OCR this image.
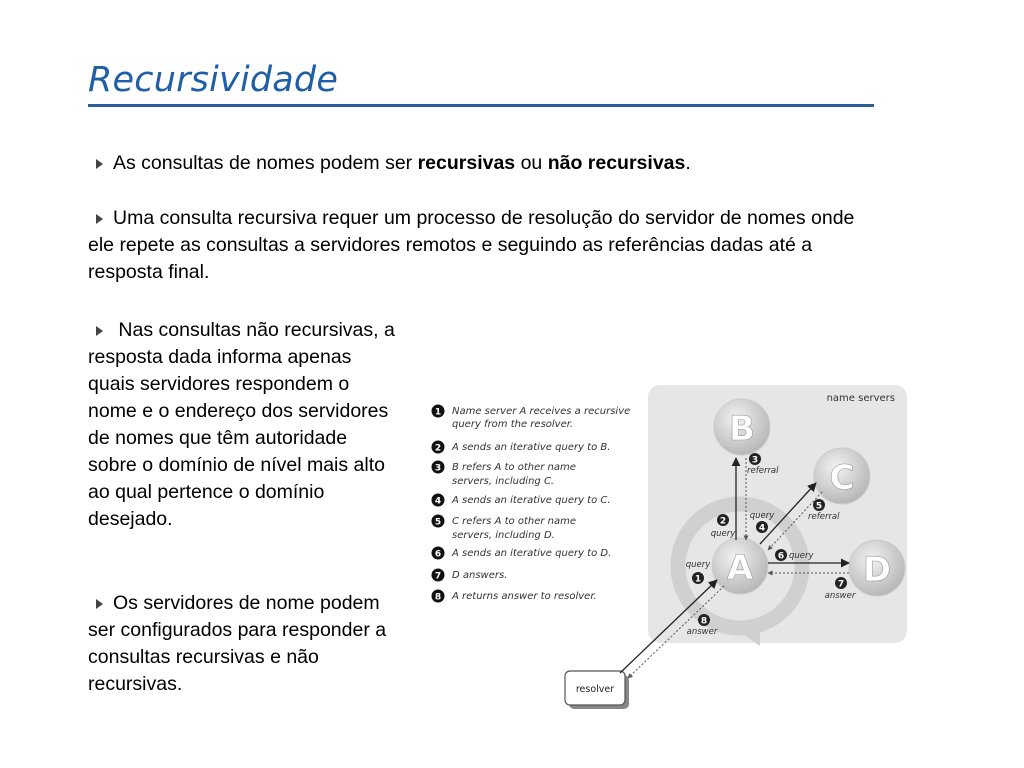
Recursividade

As consultas de nomes podem ser recursivas ou não recursivas.

Uma consulta recursiva requer um processo de resolução do servidor de nomes onde ele repete as consultas a servidores remotos e seguindo as referências dadas até a resposta final.

Nas consultas não recursivas, a resposta dada informa apenas quais servidores respondem o nome e o endereço dos servidores de nomes que têm autoridade sobre o domínio de nível mais alto ao qual pertence o domínio desejado.

Os servidores de nome podem ser configurados para responder a consultas recursivas e não recursivas.

name servers
B
C
A	D
resolver
query
1
2
query
3
referral
query
4
5
referral
6 query
7
answer
8
answer
1 Name server A receives a recursive
query from the resolver.
2 A sends an iterative query to B.
3 B refers A to other name
servers, including C.
4 A sends an iterative query to C.
5 C refers A to other name
servers, including D.
6 A sends an iterative query to D.
7 D answers.
8 A returns answer to resolver.
